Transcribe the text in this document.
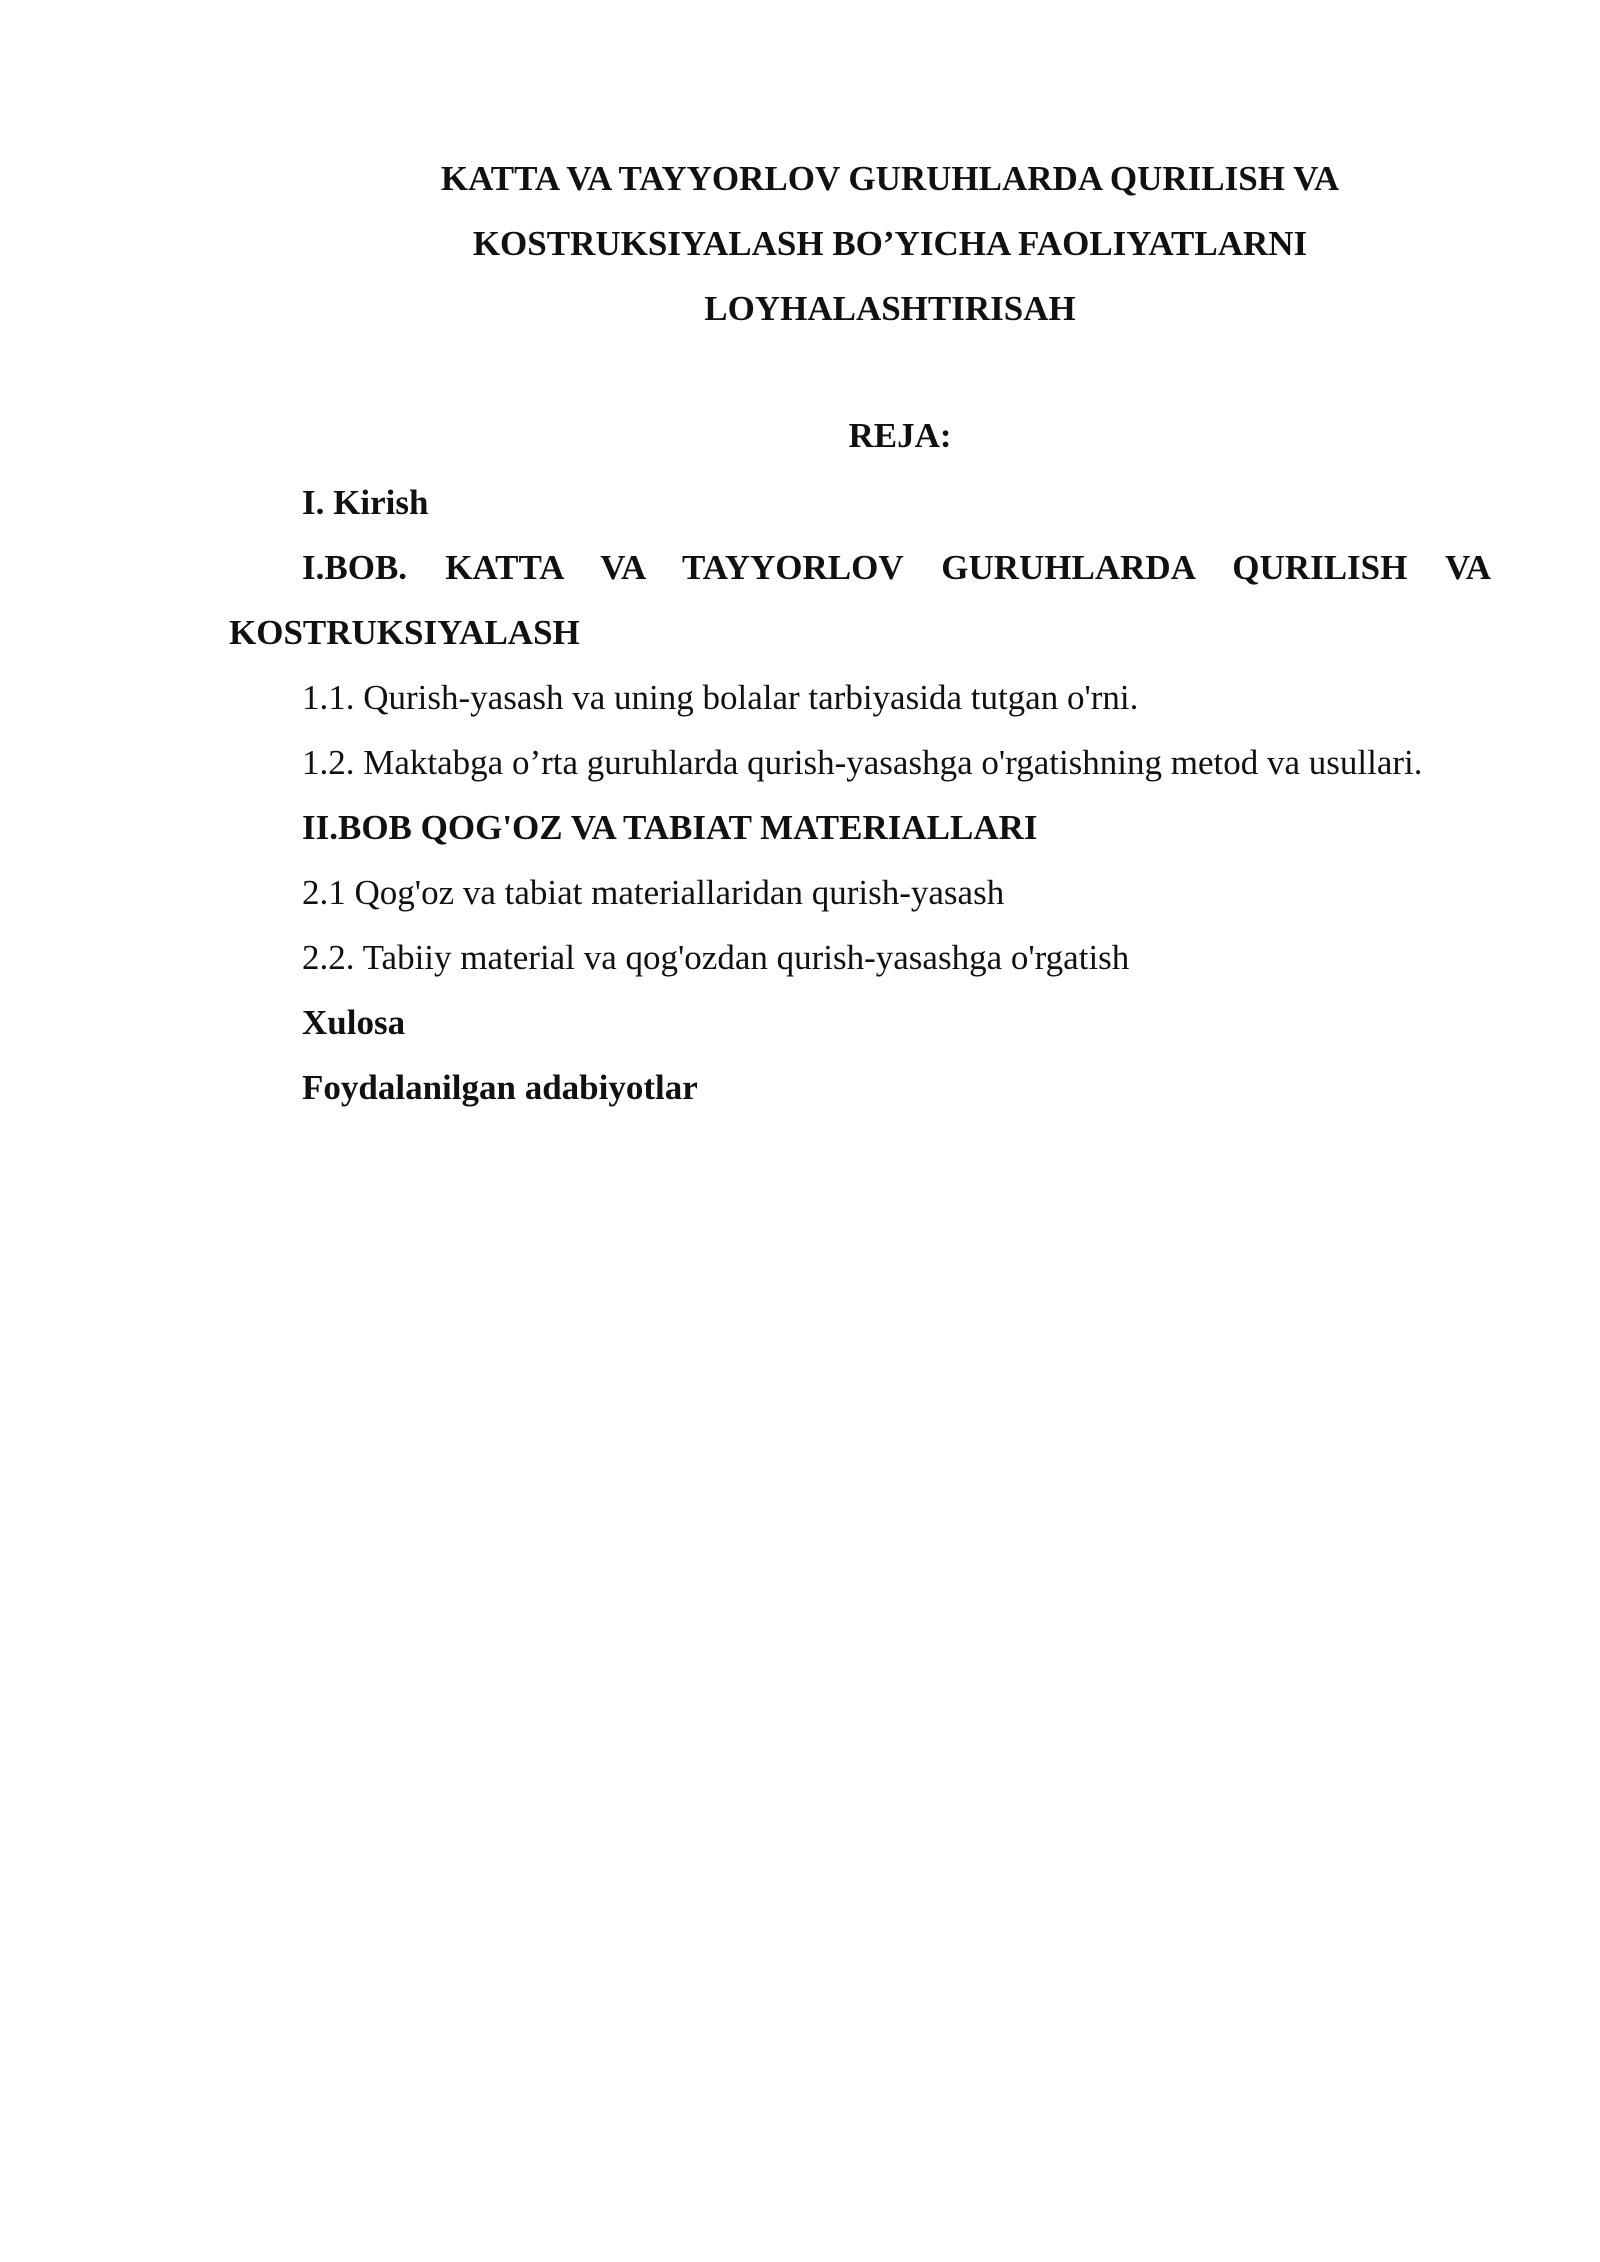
KATTA VA TAYYORLOV GURUHLARDA QURILISH VA
KOSTRUKSIYALASH BO’YICHA FAOLIYATLARNI
LOYHALASHTIRISAH
REJA:

I. Kirish

I.BOB. KATTA VA TAYYORLOV GURUHLARDA QURILISH VA KOSTRUKSIYALASH

1.1. Qurish-yasash va uning bolalar tarbiyasida tutgan o'rni.

1.2. Maktabga o’rta guruhlarda qurish-yasashga o'rgatishning metod va usullari.

II.BOB QOG'OZ VA TABIAT MATERIALLARI

2.1 Qog'oz va tabiat materiallaridan qurish-yasash

2.2. Tabiiy material va qog'ozdan qurish-yasashga o'rgatish

Xulosa

Foydalanilgan adabiyotlar
